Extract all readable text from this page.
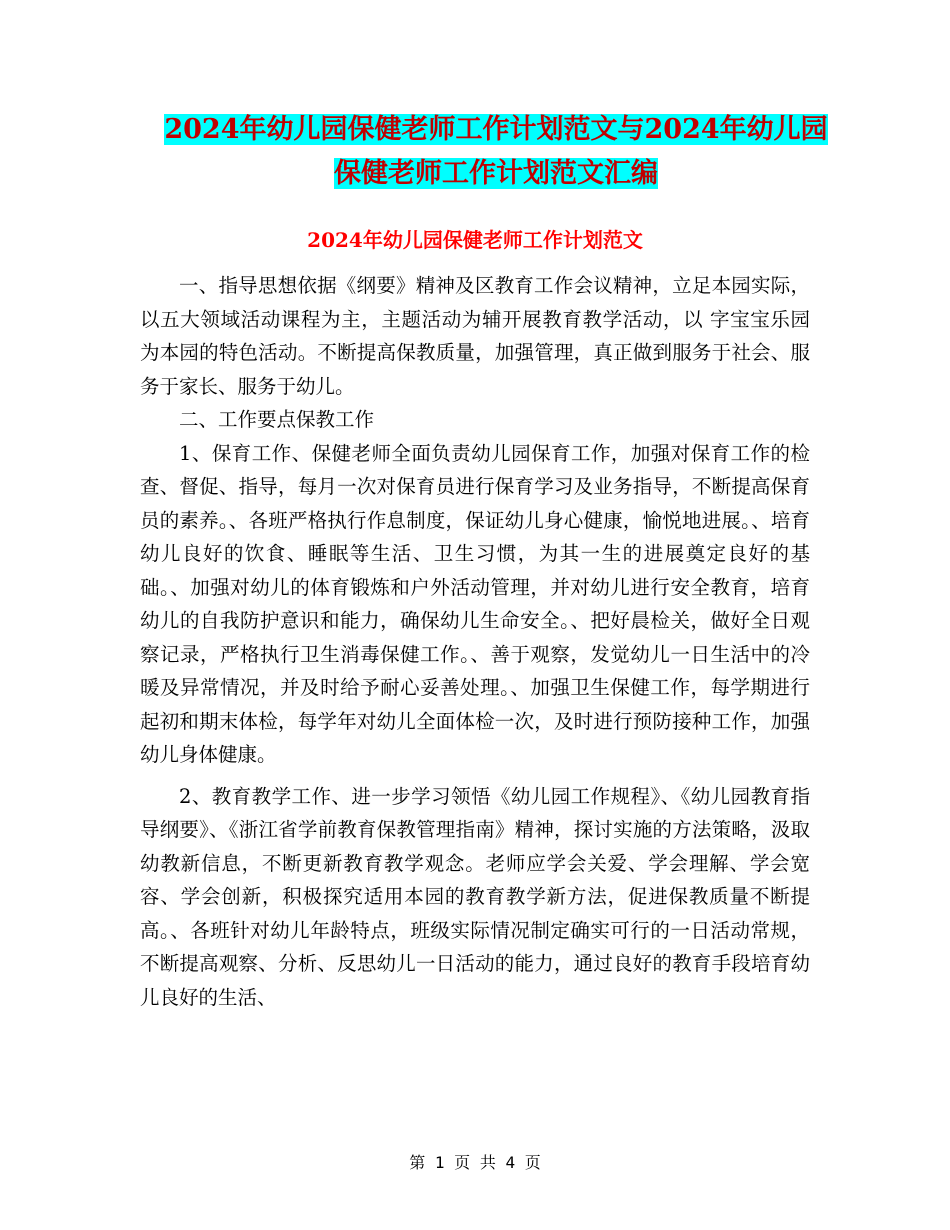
2024年幼儿园保健老师工作计划范文与2024年幼儿园
保健老师工作计划范文汇编
2024年幼儿园保健老师工作计划范文

一、指导思想依据《纲要》精神及区教育工作会议精神，立足本园实际，以五大领域活动课程为主，主题活动为辅开展教育教学活动，以 字宝宝乐园 为本园的特色活动。不断提高保教质量，加强管理，真正做到服务于社会、服务于家长、服务于幼儿。

二、工作要点保教工作

1、保育工作、保健老师全面负责幼儿园保育工作，加强对保育工作的检查、督促、指导，每月一次对保育员进行保育学习及业务指导，不断提高保育员的素养。、各班严格执行作息制度，保证幼儿身心健康，愉悦地进展。、培育幼儿良好的饮食、睡眠等生活、卫生习惯，为其一生的进展奠定良好的基础。、加强对幼儿的体育锻炼和户外活动管理，并对幼儿进行安全教育，培育幼儿的自我防护意识和能力，确保幼儿生命安全。、把好晨检关，做好全日观察记录，严格执行卫生消毒保健工作。、善于观察，发觉幼儿一日生活中的冷暖及异常情况，并及时给予耐心妥善处理。、加强卫生保健工作，每学期进行起初和期末体检，每学年对幼儿全面体检一次，及时进行预防接种工作，加强幼儿身体健康。

2、教育教学工作、进一步学习领悟《幼儿园工作规程》、《幼儿园教育指导纲要》、《浙江省学前教育保教管理指南》精神，探讨实施的方法策略，汲取幼教新信息，不断更新教育教学观念。老师应学会关爱、学会理解、学会宽容、学会创新，积极探究适用本园的教育教学新方法，促进保教质量不断提高。、各班针对幼儿年龄特点，班级实际情况制定确实可行的一日活动常规，不断提高观察、分析、反思幼儿一日活动的能力，通过良好的教育手段培育幼儿良好的生活、

第 1 页 共 4 页
